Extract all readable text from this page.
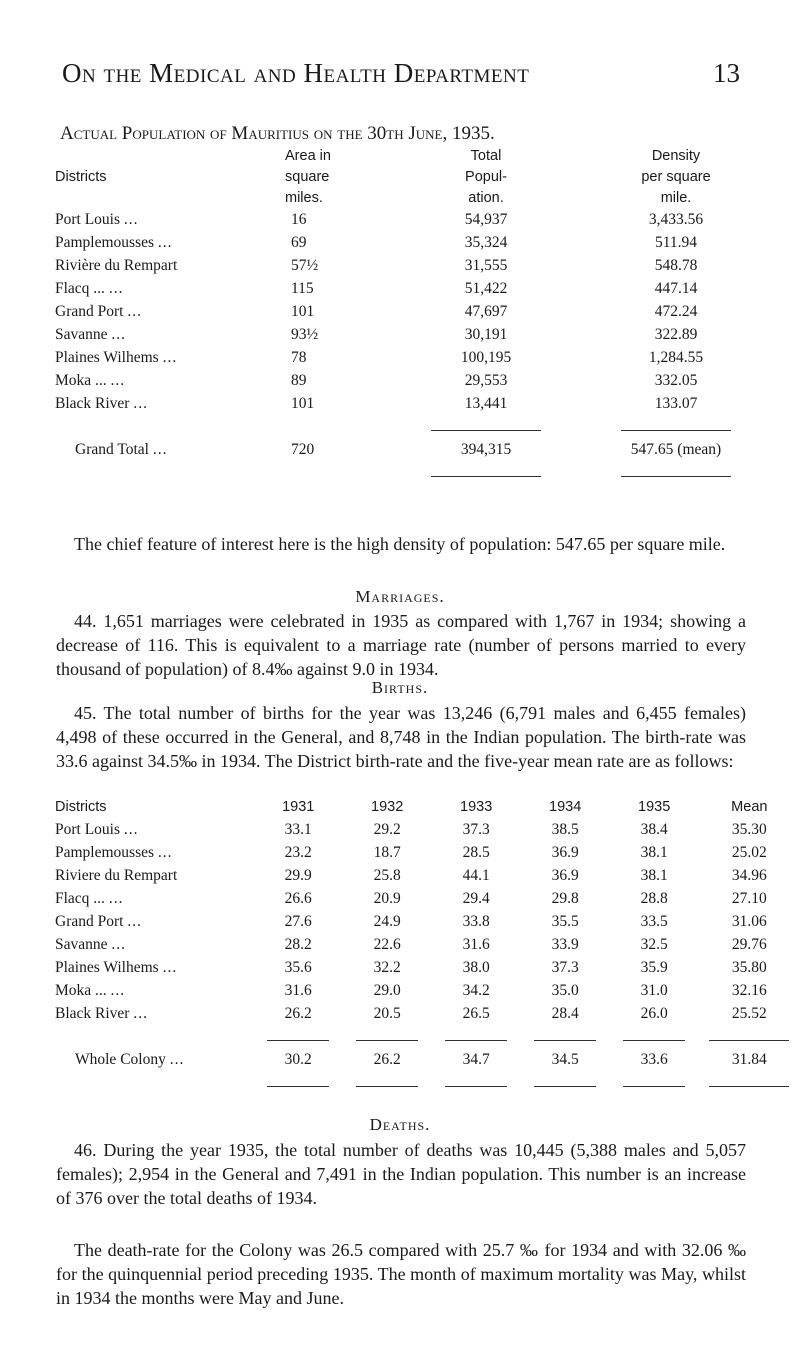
On the Medical and Health Department	13
Actual Population of Mauritius on the 30th June, 1935.
	Area in	Total	Density
Districts	square	Popul-	per square
	miles.	ation.	mile.
Port Louis ...	16	54,937	3,433.56
Pamplemousses ...	69	35,324	511.94
Rivière du Rempart	57½	31,555	548.78
Flacq ... ...	115	51,422	447.14
Grand Port ...	101	47,697	472.24
Savanne ...	93½	30,191	322.89
Plaines Wilhems ...	78	100,195	1,284.55
Moka ... ...	89	29,553	332.05
Black River ...	101	13,441	133.07

Grand Total ...	720	394,315	547.65 (mean)

The chief feature of interest here is the high density of population: 547.65 per square mile.
Marriages.
44. 1,651 marriages were celebrated in 1935 as compared with 1,767 in 1934; showing a decrease of 116. This is equivalent to a marriage rate (number of persons married to every thousand of population) of 8.4‰ against 9.0 in 1934.
Births.
45. The total number of births for the year was 13,246 (6,791 males and 6,455 females) 4,498 of these occurred in the General, and 8,748 in the Indian population. The birth-rate was 33.6 against 34.5‰ in 1934. The District birth-rate and the five-year mean rate are as follows:
Districts	1931	1932	1933	1934	1935	Mean
Port Louis ...	33.1	29.2	37.3	38.5	38.4	35.30
Pamplemousses ...	23.2	18.7	28.5	36.9	38.1	25.02
Riviere du Rempart	29.9	25.8	44.1	36.9	38.1	34.96
Flacq ... ...	26.6	20.9	29.4	29.8	28.8	27.10
Grand Port ...	27.6	24.9	33.8	35.5	33.5	31.06
Savanne ...	28.2	22.6	31.6	33.9	32.5	29.76
Plaines Wilhems ...	35.6	32.2	38.0	37.3	35.9	35.80
Moka ... ...	31.6	29.0	34.2	35.0	31.0	32.16
Black River ...	26.2	20.5	26.5	28.4	26.0	25.52

Whole Colony ...	30.2	26.2	34.7	34.5	33.6	31.84

Deaths.
46. During the year 1935, the total number of deaths was 10,445 (5,388 males and 5,057 females); 2,954 in the General and 7,491 in the Indian population. This number is an increase of 376 over the total deaths of 1934.
The death-rate for the Colony was 26.5 compared with 25.7 ‰ for 1934 and with 32.06 ‰ for the quinquennial period preceding 1935. The month of maximum mortality was May, whilst in 1934 the months were May and June.
